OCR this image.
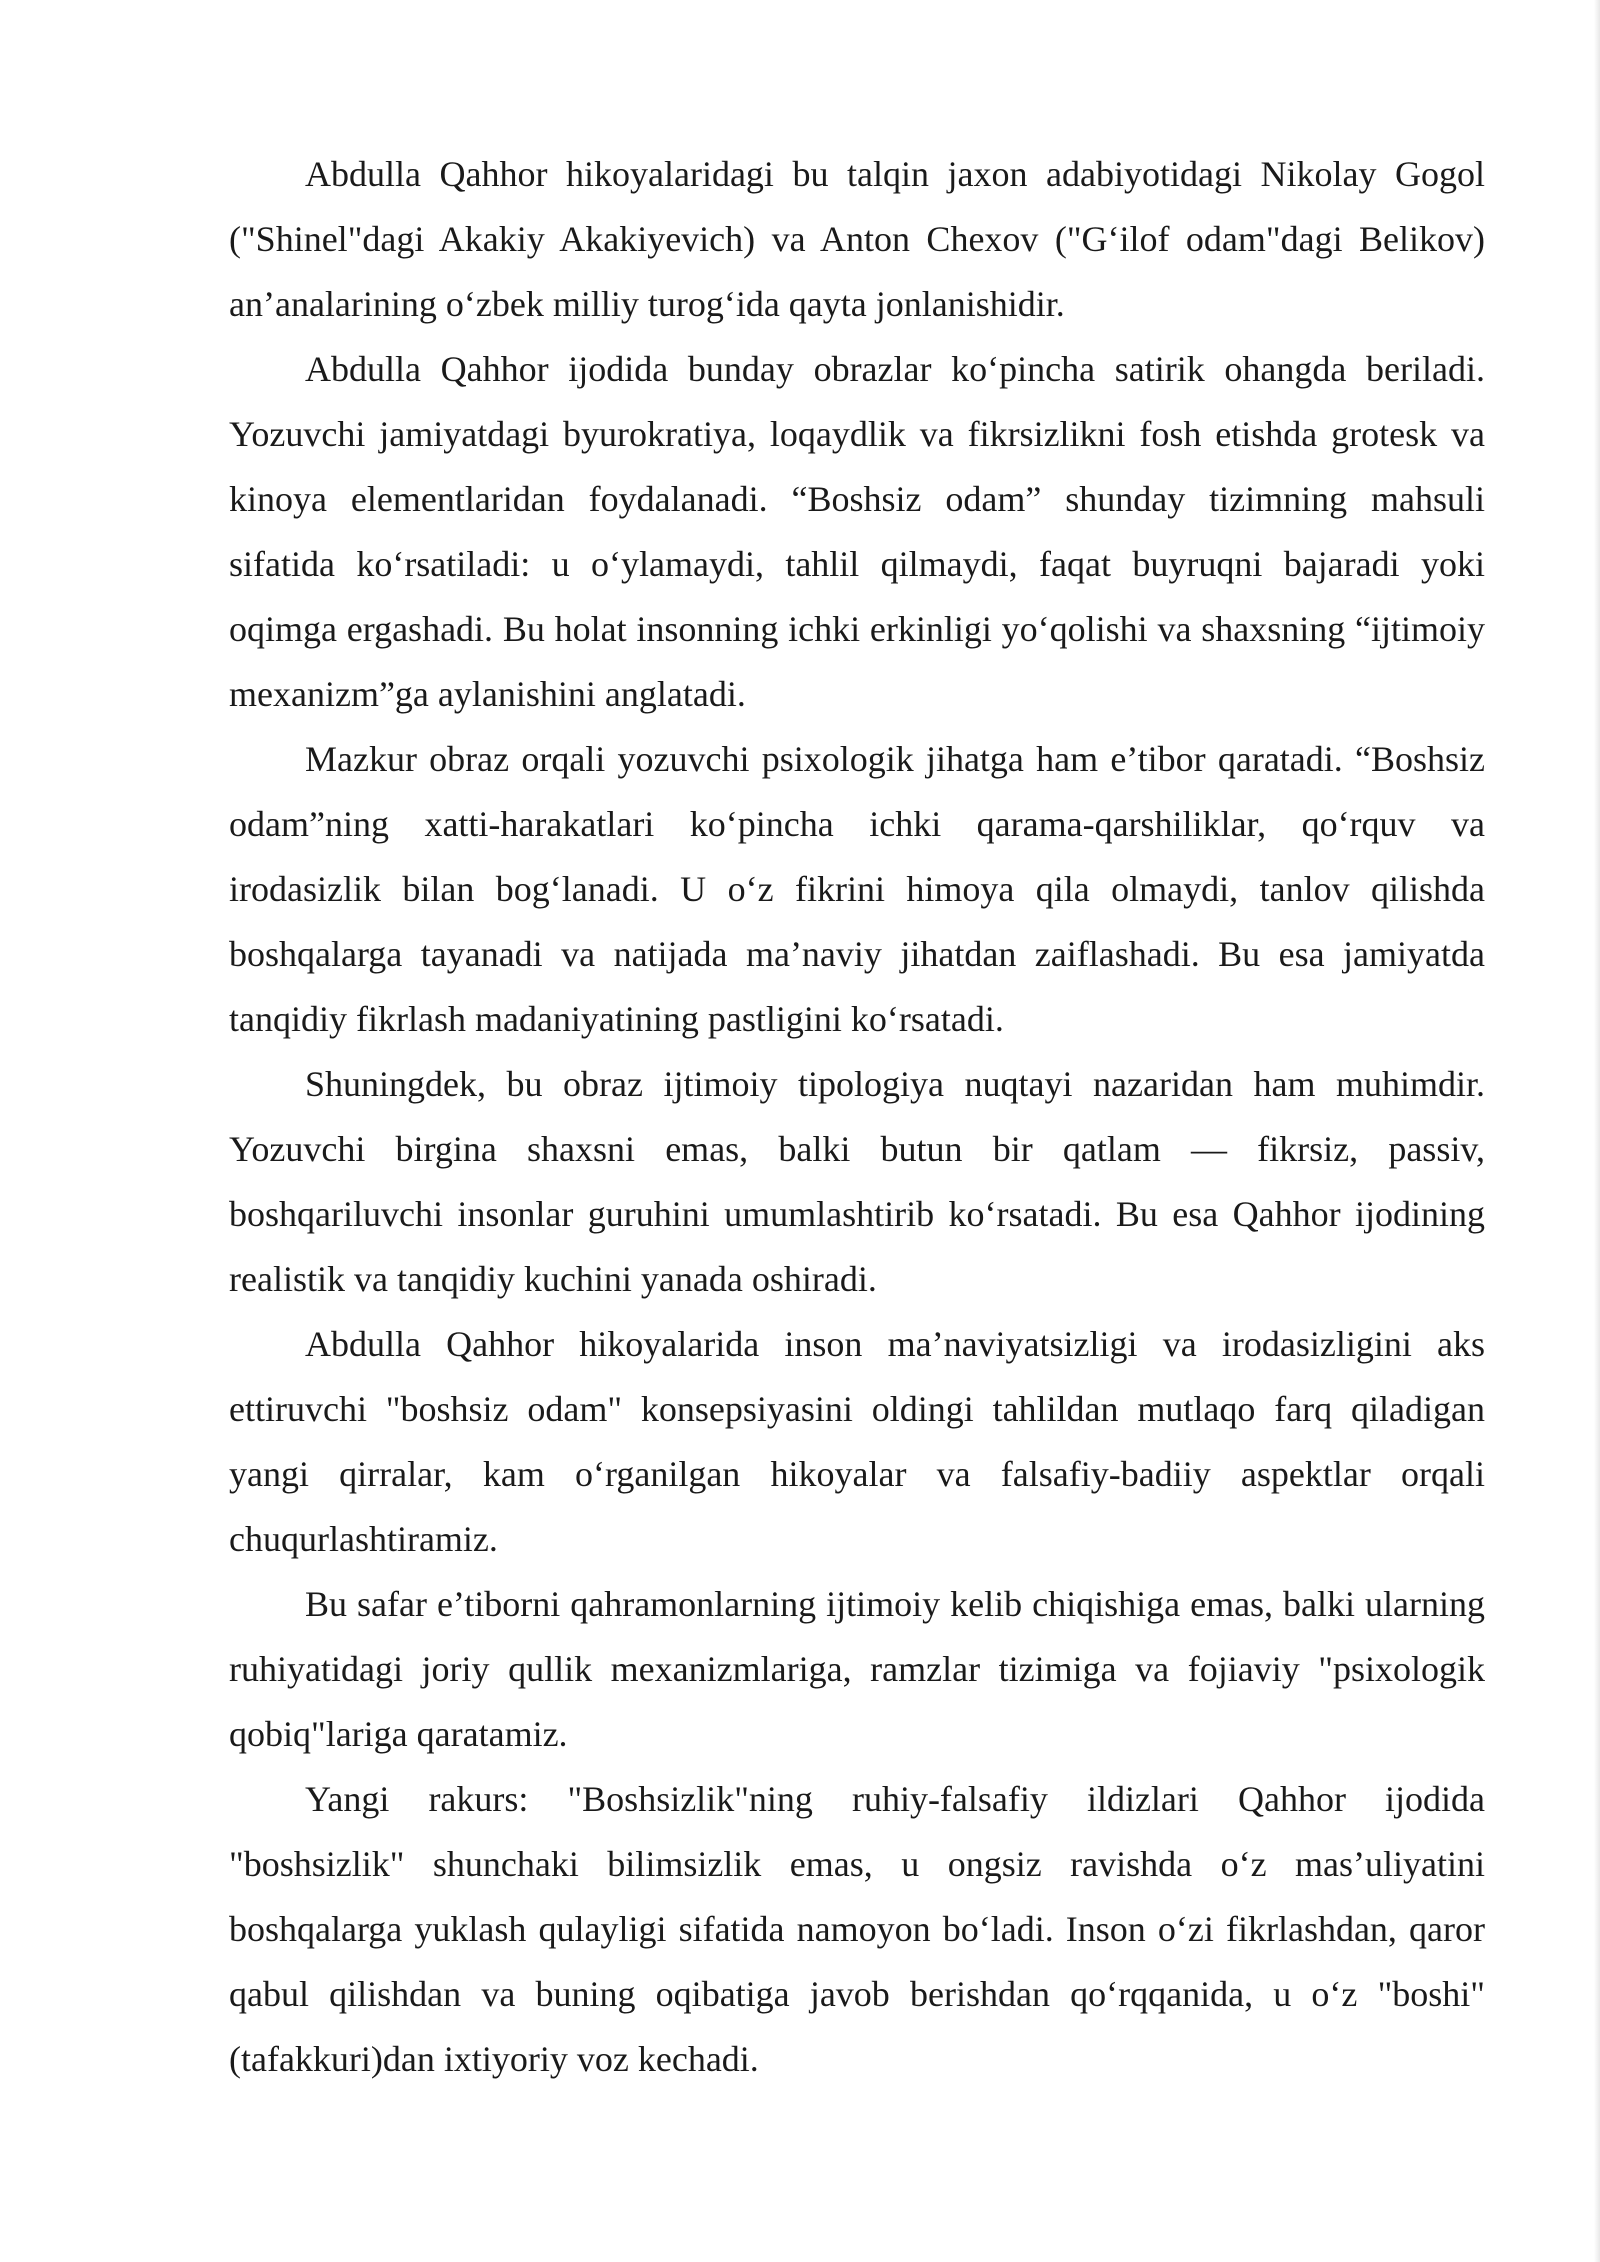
Abdulla Qahhor hikoyalaridagi bu talqin jaxon adabiyotidagi Nikolay Gogol ("Shinel"dagi Akakiy Akakiyevich) va Anton Chexov ("G‘ilof odam"dagi Belikov) an’analarining o‘zbek milliy turog‘ida qayta jonlanishidir.

Abdulla Qahhor ijodida bunday obrazlar ko‘pincha satirik ohangda beriladi. Yozuvchi jamiyatdagi byurokratiya, loqaydlik va fikrsizlikni fosh etishda grotesk va kinoya elementlaridan foydalanadi. “Boshsiz odam” shunday tizimning mahsuli sifatida ko‘rsatiladi: u o‘ylamaydi, tahlil qilmaydi, faqat buyruqni bajaradi yoki oqimga ergashadi. Bu holat insonning ichki erkinligi yo‘qolishi va shaxsning “ijtimoiy mexanizm”ga aylanishini anglatadi.

Mazkur obraz orqali yozuvchi psixologik jihatga ham e’tibor qaratadi. “Boshsiz odam”ning xatti-harakatlari ko‘pincha ichki qarama-qarshiliklar, qo‘rquv va irodasizlik bilan bog‘lanadi. U o‘z fikrini himoya qila olmaydi, tanlov qilishda boshqalarga tayanadi va natijada ma’naviy jihatdan zaiflashadi. Bu esa jamiyatda tanqidiy fikrlash madaniyatining pastligini ko‘rsatadi.

Shuningdek, bu obraz ijtimoiy tipologiya nuqtayi nazaridan ham muhimdir. Yozuvchi birgina shaxsni emas, balki butun bir qatlam — fikrsiz, passiv, boshqariluvchi insonlar guruhini umumlashtirib ko‘rsatadi. Bu esa Qahhor ijodining realistik va tanqidiy kuchini yanada oshiradi.

Abdulla Qahhor hikoyalarida inson ma’naviyatsizligi va irodasizligini aks ettiruvchi "boshsiz odam" konsepsiyasini oldingi tahlildan mutlaqo farq qiladigan yangi qirralar, kam o‘rganilgan hikoyalar va falsafiy-badiiy aspektlar orqali chuqurlashtiramiz.

Bu safar e’tiborni qahramonlarning ijtimoiy kelib chiqishiga emas, balki ularning ruhiyatidagi joriy qullik mexanizmlariga, ramzlar tizimiga va fojiaviy "psixologik qobiq"lariga qaratamiz.

Yangi rakurs: "Boshsizlik"ning ruhiy-falsafiy ildizlari Qahhor ijodida "boshsizlik" shunchaki bilimsizlik emas, u ongsiz ravishda o‘z mas’uliyatini boshqalarga yuklash qulayligi sifatida namoyon bo‘ladi. Inson o‘zi fikrlashdan, qaror qabul qilishdan va buning oqibatiga javob berishdan qo‘rqqanida, u o‘z "boshi" (tafakkuri)dan ixtiyoriy voz kechadi.
